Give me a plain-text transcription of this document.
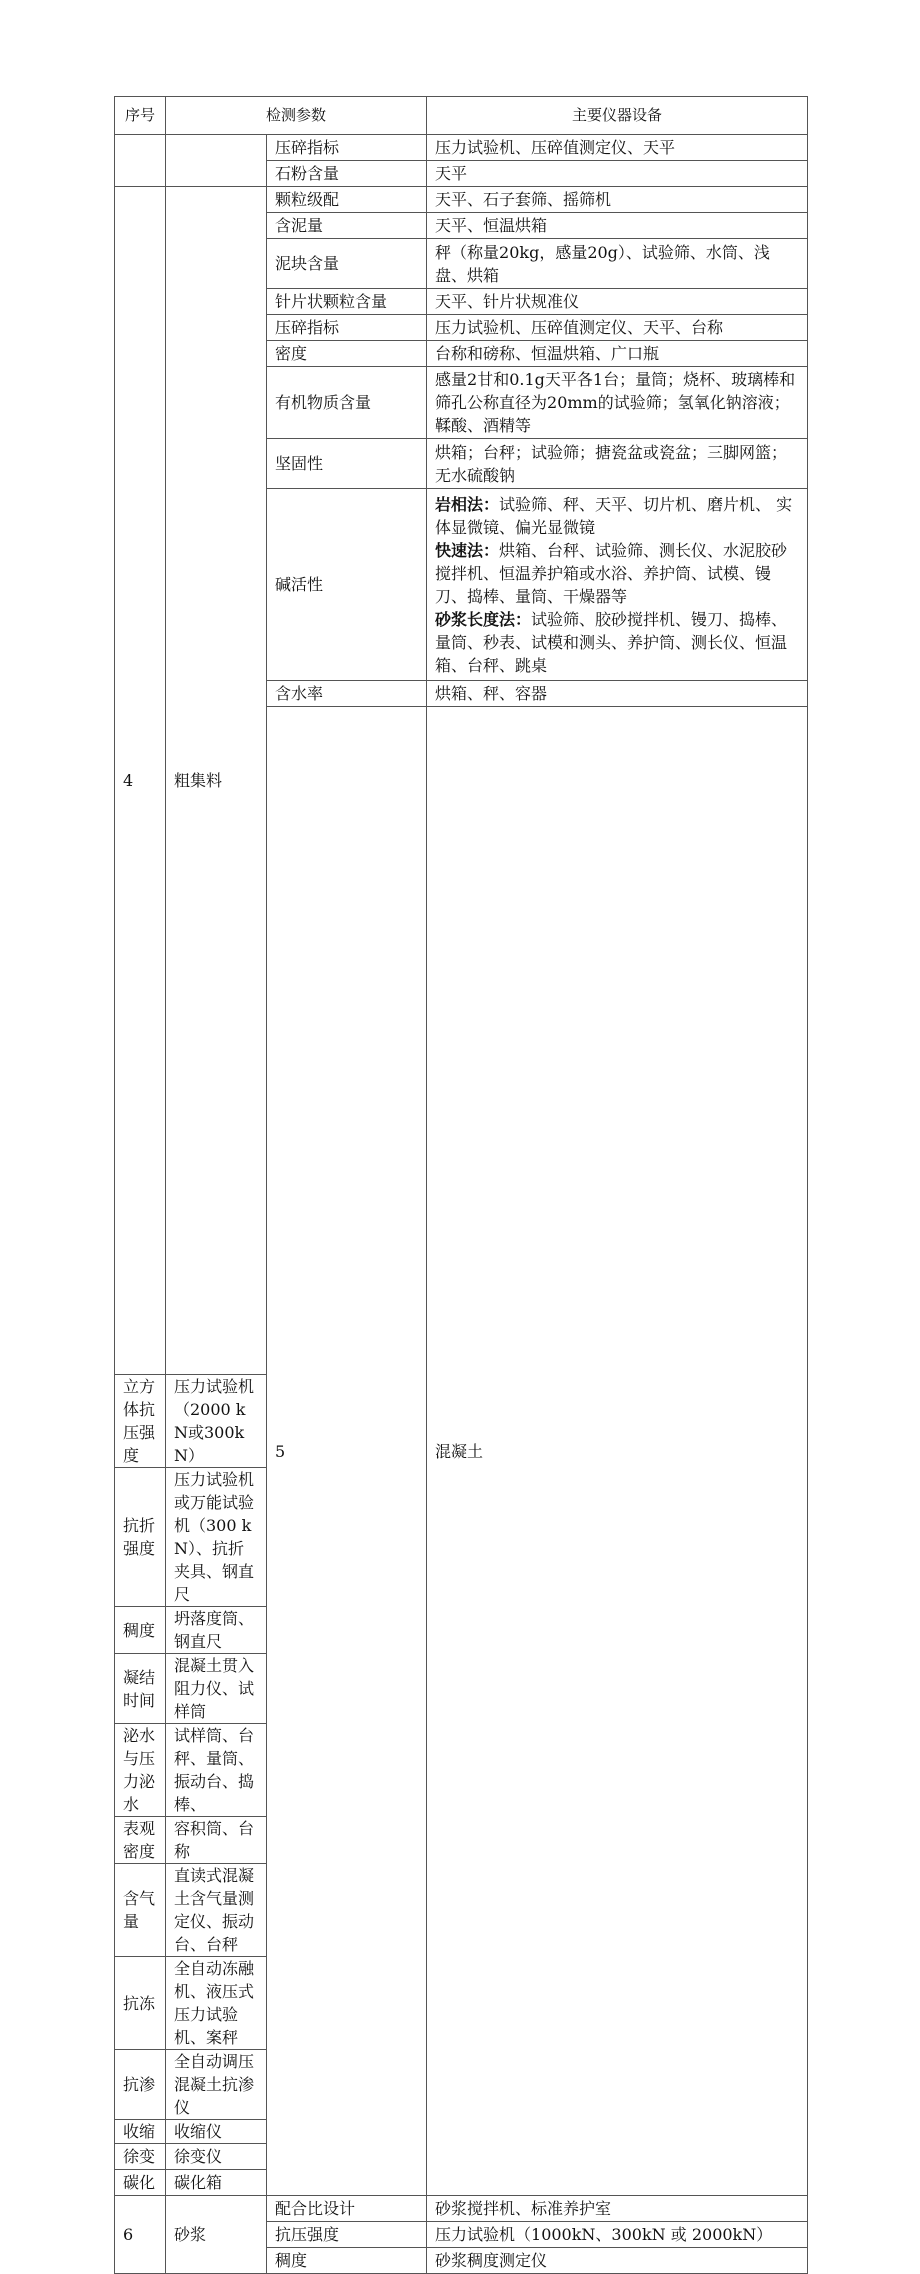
序号	检测参数		主要仪器设备	
		压碎指标	压力试验机、压碎值测定仪、天平	
		石粉含量	天平	
4	粗集料	颗粒级配	天平、石子套筛、摇筛机	
		含泥量	天平、恒温烘箱	
		泥块含量	秤（称量20kg，感量20g）、试验筛、水筒、浅盘、烘箱	
		针片状颗粒含量	天平、针片状规准仪	
		压碎指标	压力试验机、压碎值测定仪、天平、台称	
		密度	台称和磅称、恒温烘箱、广口瓶	
		有机物质含量	感量2甘和0.1g天平各1台；量筒；烧杯、玻璃棒和筛孔公称直径为20mm的试验筛；氢氧化钠溶液；鞣酸、酒精等	
		坚固性	烘箱；台秤；试验筛；搪瓷盆或瓷盆；三脚网篮；无水硫酸钠	
		碱活性	岩相法：试验筛、秤、天平、切片机、磨片机、 实体显微镜、偏光显微镜
快速法：烘箱、台秤、试验筛、测长仪、水泥胶砂搅拌机、恒温养护箱或水浴、养护筒、试模、镘刀、捣棒、量筒、干燥器等
砂浆长度法：试验筛、胶砂搅拌机、镘刀、捣棒、量筒、秒表、试模和测头、养护筒、测长仪、恒温箱、台秤、跳桌	

		含水率	烘箱、秤、容器	
		5	混凝土		
立方体抗压强度	压力试验机（2000 kN或300kN）			
抗折强度	压力试验机或万能试验机（300 kN）、抗折夹具、钢直尺			
稠度	坍落度筒、钢直尺			
凝结时间	混凝土贯入阻力仪、试样筒			
泌水与压力泌水	试样筒、台秤、量筒、振动台、捣棒、			
表观密度	容积筒、台称			
含气量	直读式混凝土含气量测定仪、振动台、台秤			
抗冻	全自动冻融机、液压式压力试验机、案秤			
抗渗	全自动调压混凝土抗渗仪			
收缩	收缩仪			
徐变	徐变仪			
碳化	碳化箱			
6	砂浆	配合比设计	砂浆搅拌机、标准养护室	
		抗压强度	压力试验机（1000kN、300kN 或 2000kN）	
		稠度	砂浆稠度测定仪	
